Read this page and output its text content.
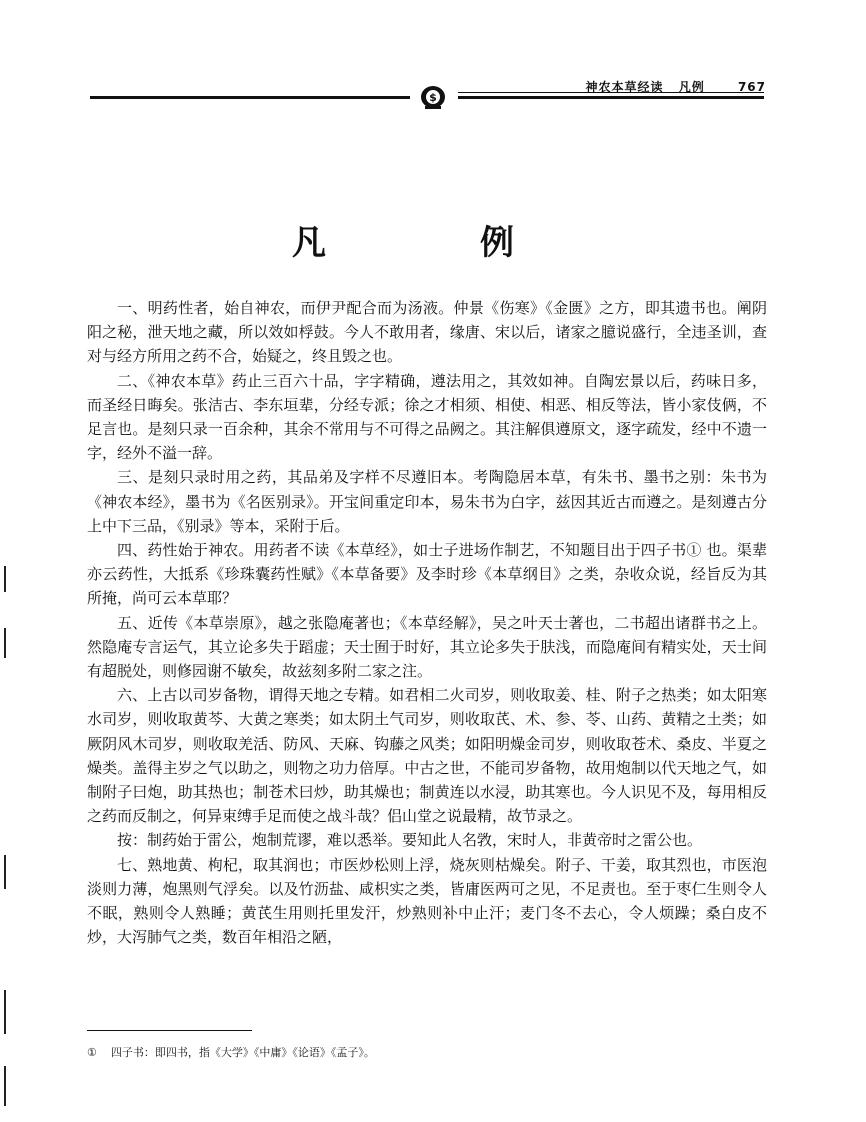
$
神农本草经读 凡例	767
凡　例

一、明药性者，始自神农，而伊尹配合而为汤液。仲景《伤寒》《金匮》之方，即其遗书也。阐阴阳之秘，泄天地之藏，所以效如桴鼓。今人不敢用者，缘唐、宋以后，诸家之臆说盛行，全违圣训，查对与经方所用之药不合，始疑之，终且毁之也。

二、《神农本草》药止三百六十品，字字精确，遵法用之，其效如神。自陶宏景以后，药味日多，而圣经日晦矣。张洁古、李东垣辈，分经专派；徐之才相须、相使、相恶、相反等法，皆小家伎俩，不足言也。是刻只录一百余种，其余不常用与不可得之品阙之。其注解俱遵原文，逐字疏发，经中不遗一字，经外不溢一辞。

三、是刻只录时用之药，其品弟及字样不尽遵旧本。考陶隐居本草，有朱书、墨书之别：朱书为《神农本经》，墨书为《名医别录》。开宝间重定印本，易朱书为白字，兹因其近古而遵之。是刻遵古分上中下三品，《别录》等本，采附于后。

四、药性始于神农。用药者不读《本草经》，如士子进场作制艺，不知题目出于四子书① 也。渠辈亦云药性，大抵系《珍珠囊药性赋》《本草备要》及李时珍《本草纲目》之类，杂收众说，经旨反为其所掩，尚可云本草耶？

五、近传《本草崇原》，越之张隐庵著也；《本草经解》，吴之叶天士著也，二书超出诸群书之上。然隐庵专言运气，其立论多失于蹈虚；天士囿于时好，其立论多失于肤浅，而隐庵间有精实处，天士间有超脱处，则修园谢不敏矣，故兹刻多附二家之注。

六、上古以司岁备物，谓得天地之专精。如君相二火司岁，则收取姜、桂、附子之热类；如太阳寒水司岁，则收取黄芩、大黄之寒类；如太阴土气司岁，则收取芪、术、参、苓、山药、黄精之土类；如厥阴风木司岁，则收取羌活、防风、天麻、钩藤之风类；如阳明燥金司岁，则收取苍术、桑皮、半夏之燥类。盖得主岁之气以助之，则物之功力倍厚。中古之世，不能司岁备物，故用炮制以代天地之气，如制附子曰炮，助其热也；制苍术曰炒，助其燥也；制黄连以水浸，助其寒也。今人识见不及，每用相反之药而反制之，何异束缚手足而使之战斗哉？侣山堂之说最精，故节录之。

按：制药始于雷公，炮制荒谬，难以悉举。要知此人名敩，宋时人，非黄帝时之雷公也。

七、熟地黄、枸杞，取其润也；市医炒松则上浮，烧灰则枯燥矣。附子、干姜，取其烈也，市医泡淡则力薄，炮黑则气浮矣。以及竹沥盐、咸枳实之类，皆庸医两可之见，不足责也。至于枣仁生则令人不眠，熟则令人熟睡；黄芪生用则托里发汗，炒熟则补中止汗；麦门冬不去心，令人烦躁；桑白皮不炒，大泻肺气之类，数百年相沿之陋，

① 四子书：即四书，指《大学》《中庸》《论语》《孟子》。
